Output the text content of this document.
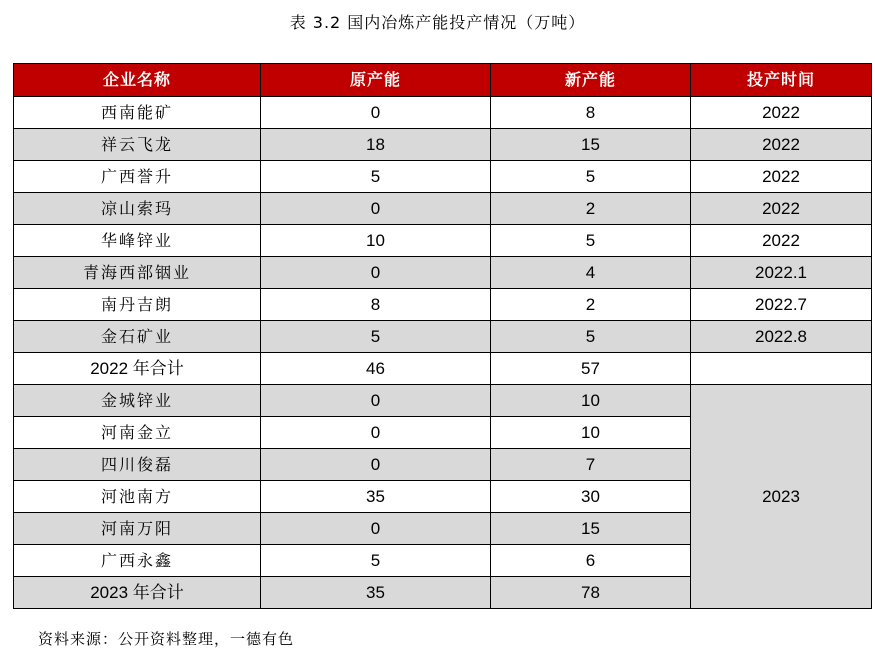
表 3.2 国内冶炼产能投产情况（万吨）
企业名称	原产能	新产能	投产时间
西南能矿	0	8	2022
祥云飞龙	18	15	2022
广西誉升	5	5	2022
凉山索玛	0	2	2022
华峰锌业	10	5	2022
青海西部铟业	0	4	2022.1
南丹吉朗	8	2	2022.7
金石矿业	5	5	2022.8
2022 年合计	46	57	
金城锌业	0	10	2023
河南金立	0	10	
四川俊磊	0	7	
河池南方	35	30	
河南万阳	0	15	
广西永鑫	5	6	
2023 年合计	35	78	
资料来源：公开资料整理，一德有色
